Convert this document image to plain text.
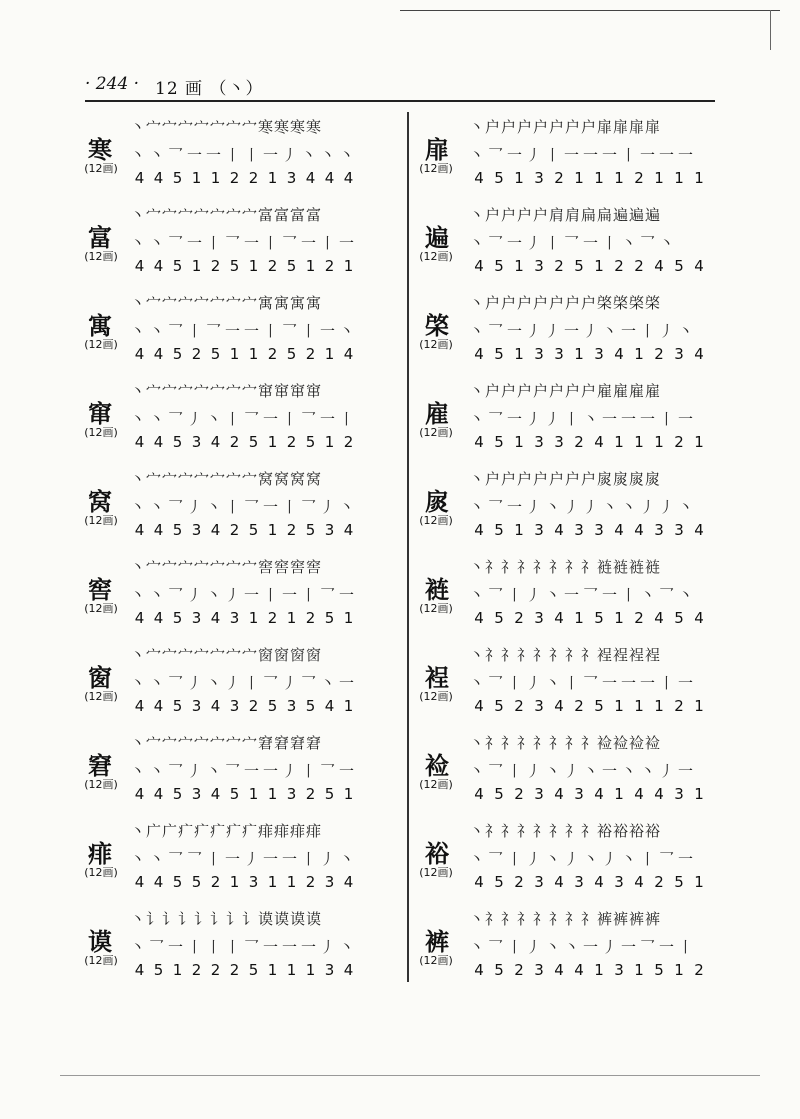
· 244 · 12 画 （丶）
寒
(12画)
丶宀宀宀宀宀宀宀寒寒寒寒
丶丶乛一一丨丨一丿丶丶丶
4 4 5 1 1 2 2 1 3 4 4 4
富
(12画)
丶宀宀宀宀宀宀宀富富富富
丶丶乛一丨乛一丨乛一丨一
4 4 5 1 2 5 1 2 5 1 2 1
寓
(12画)
丶宀宀宀宀宀宀宀寓寓寓寓
丶丶乛丨乛一一丨乛丨一丶
4 4 5 2 5 1 1 2 5 2 1 4
窜
(12画)
丶宀宀宀宀宀宀宀窜窜窜窜
丶丶乛丿丶丨乛一丨乛一丨
4 4 5 3 4 2 5 1 2 5 1 2
窝
(12画)
丶宀宀宀宀宀宀宀窝窝窝窝
丶丶乛丿丶丨乛一丨乛丿丶
4 4 5 3 4 2 5 1 2 5 3 4
窖
(12画)
丶宀宀宀宀宀宀宀窖窖窖窖
丶丶乛丿丶丿一丨一丨乛一
4 4 5 3 4 3 1 2 1 2 5 1
窗
(12画)
丶宀宀宀宀宀宀宀窗窗窗窗
丶丶乛丿丶丿丨乛丿乛丶一
4 4 5 3 4 3 2 5 3 5 4 1
窘
(12画)
丶宀宀宀宀宀宀宀窘窘窘窘
丶丶乛丿丶乛一一丿丨乛一
4 4 5 3 4 5 1 1 3 2 5 1
痱
(12画)
丶广广疒疒疒疒疒痱痱痱痱
丶丶乛乛丨一丿一一丨丿丶
4 4 5 5 2 1 3 1 1 2 3 4
谟
(12画)
丶讠讠讠讠讠讠讠谟谟谟谟
丶乛一丨丨丨乛一一一丿丶
4 5 1 2 2 2 5 1 1 1 3 4
扉
(12画)
丶户户户户户户户扉扉扉扉
丶乛一丿丨一一一丨一一一
4 5 1 3 2 1 1 1 2 1 1 1
遍
(12画)
丶户户户户肩肩扁扁遍遍遍
丶乛一丿丨乛一丨丶乛丶
4 5 1 3 2 5 1 2 2 4 5 4
棨
(12画)
丶户户户户户户户棨棨棨棨
丶乛一丿丿一丿丶一丨丿丶
4 5 1 3 3 1 3 4 1 2 3 4
雇
(12画)
丶户户户户户户户雇雇雇雇
丶乛一丿丿丨丶一一一丨一
4 5 1 3 3 2 4 1 1 1 2 1
扊
(12画)
丶户户户户户户户扊扊扊扊
丶乛一丿丶丿丿丶丶丿丿丶
4 5 1 3 4 3 3 4 4 3 3 4
裢
(12画)
丶礻礻礻礻礻礻礻裢裢裢裢
丶乛丨丿丶一乛一丨丶乛丶
4 5 2 3 4 1 5 1 2 4 5 4
裎
(12画)
丶礻礻礻礻礻礻礻裎裎裎裎
丶乛丨丿丶丨乛一一一丨一
4 5 2 3 4 2 5 1 1 1 2 1
裣
(12画)
丶礻礻礻礻礻礻礻裣裣裣裣
丶乛丨丿丶丿丶一丶丶丿一
4 5 2 3 4 3 4 1 4 4 3 1
裕
(12画)
丶礻礻礻礻礻礻礻裕裕裕裕
丶乛丨丿丶丿丶丿丶丨乛一
4 5 2 3 4 3 4 3 4 2 5 1
裤
(12画)
丶礻礻礻礻礻礻礻裤裤裤裤
丶乛丨丿丶丶一丿一乛一丨
4 5 2 3 4 4 1 3 1 5 1 2
